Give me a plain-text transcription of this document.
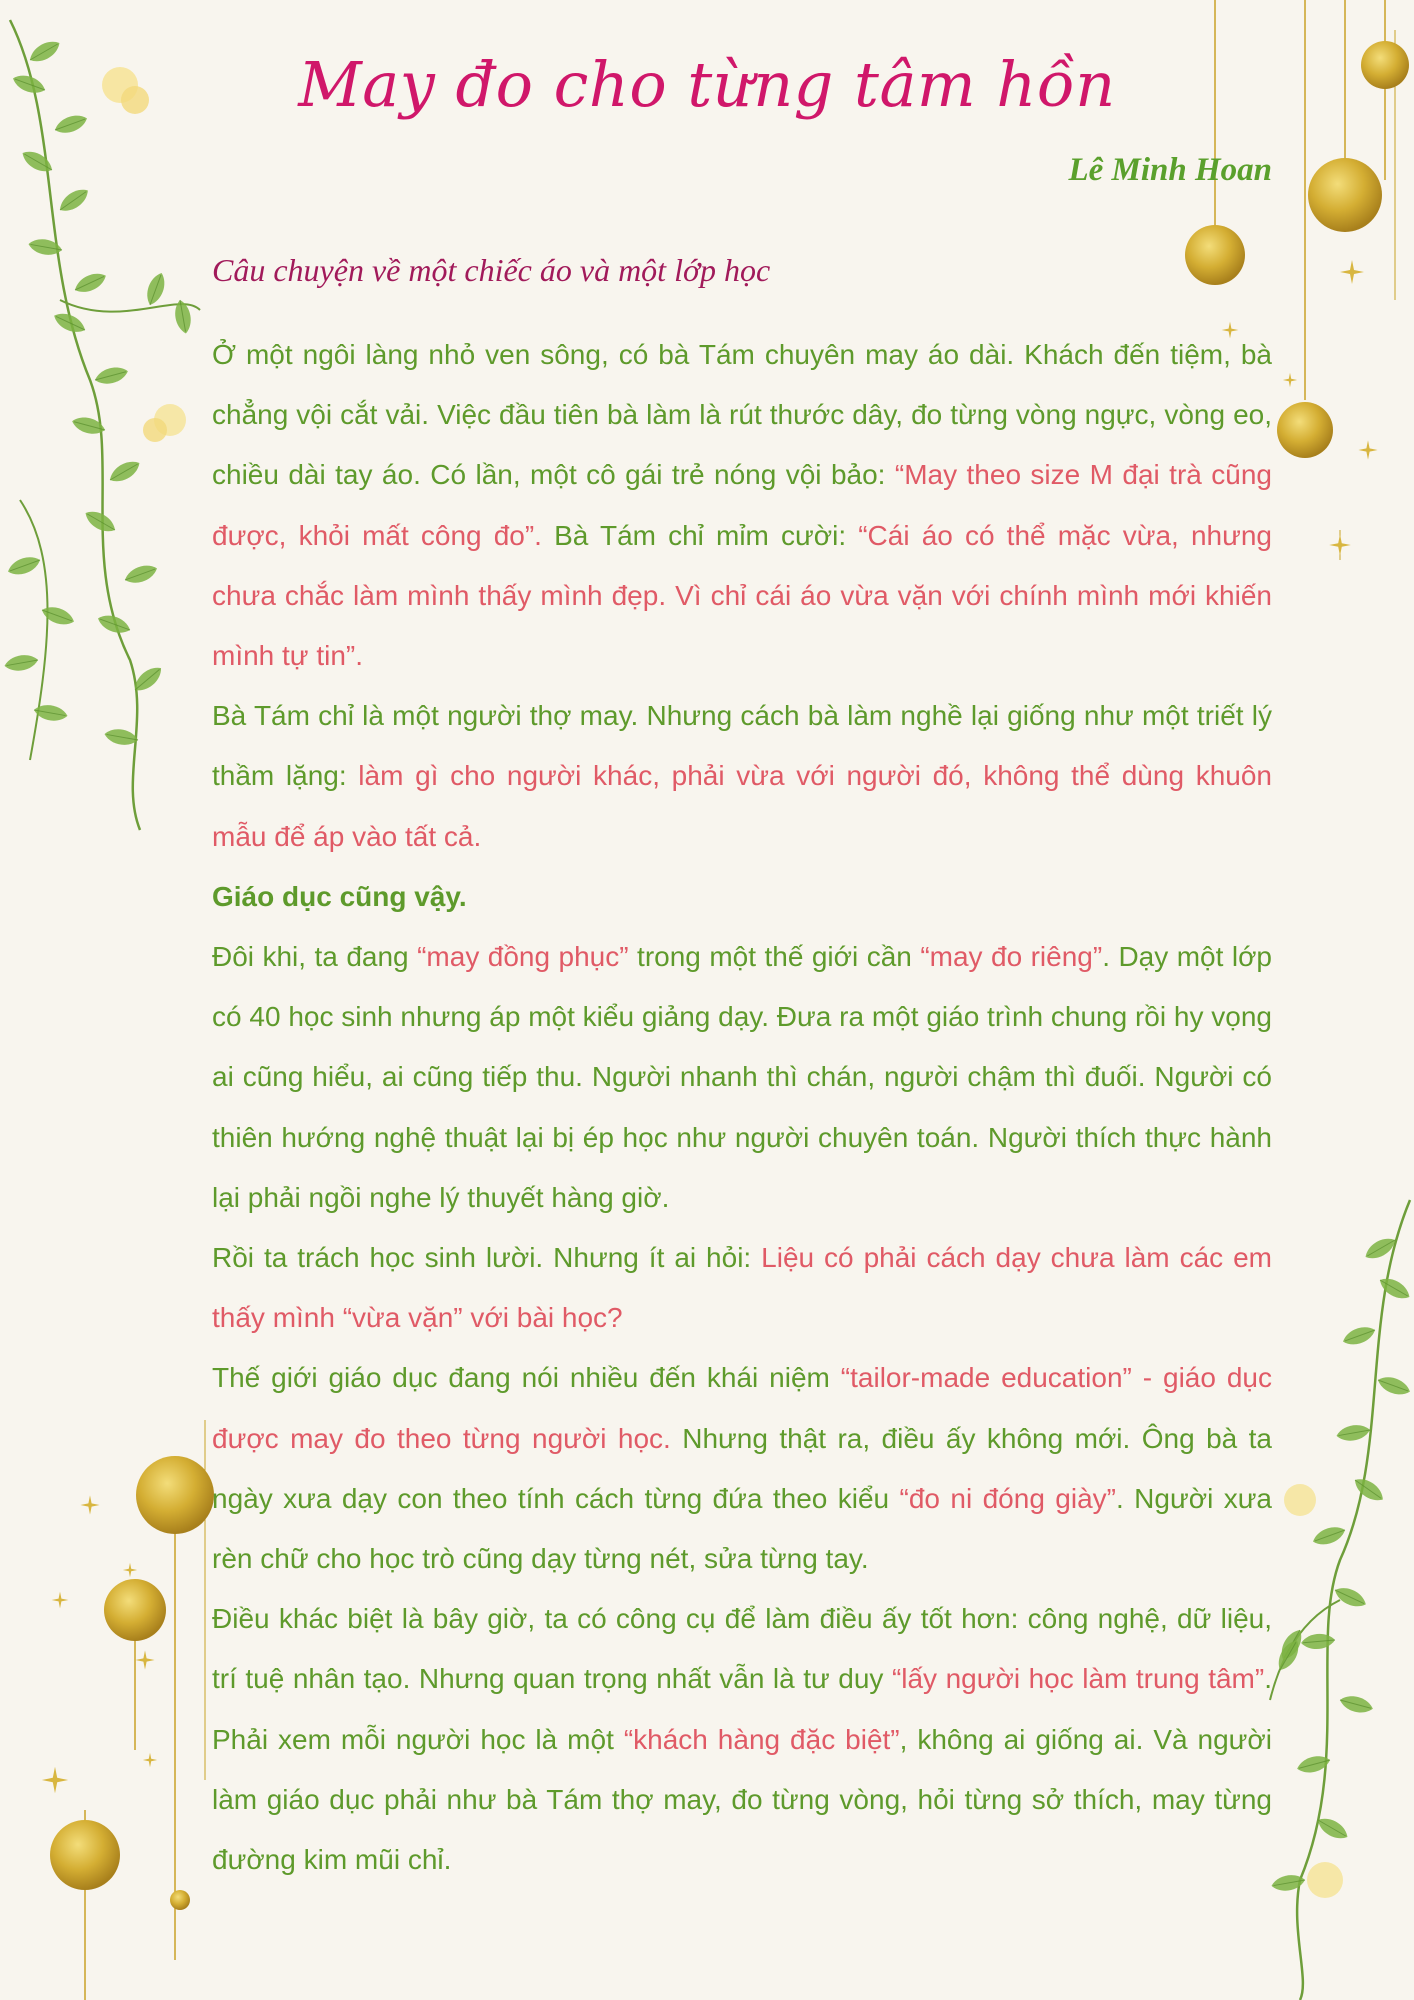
May đo cho từng tâm hồn
Lê Minh Hoan
Câu chuyện về một chiếc áo và một lớp học

Ở một ngôi làng nhỏ ven sông, có bà Tám chuyên may áo dài. Khách đến tiệm, bà chẳng vội cắt vải. Việc đầu tiên bà làm là rút thước dây, đo từng vòng ngực, vòng eo, chiều dài tay áo. Có lần, một cô gái trẻ nóng vội bảo: “May theo size M đại trà cũng được, khỏi mất công đo”. Bà Tám chỉ mỉm cười: “Cái áo có thể mặc vừa, nhưng chưa chắc làm mình thấy mình đẹp. Vì chỉ cái áo vừa vặn với chính mình mới khiến mình tự tin”.

Bà Tám chỉ là một người thợ may. Nhưng cách bà làm nghề lại giống như một triết lý thầm lặng: làm gì cho người khác, phải vừa với người đó, không thể dùng khuôn mẫu để áp vào tất cả.

Giáo dục cũng vậy.

Đôi khi, ta đang “may đồng phục” trong một thế giới cần “may đo riêng”. Dạy một lớp có 40 học sinh nhưng áp một kiểu giảng dạy. Đưa ra một giáo trình chung rồi hy vọng ai cũng hiểu, ai cũng tiếp thu. Người nhanh thì chán, người chậm thì đuối. Người có thiên hướng nghệ thuật lại bị ép học như người chuyên toán. Người thích thực hành lại phải ngồi nghe lý thuyết hàng giờ.

Rồi ta trách học sinh lười. Nhưng ít ai hỏi: Liệu có phải cách dạy chưa làm các em thấy mình “vừa vặn” với bài học?

Thế giới giáo dục đang nói nhiều đến khái niệm “tailor-made education” - giáo dục được may đo theo từng người học. Nhưng thật ra, điều ấy không mới. Ông bà ta ngày xưa dạy con theo tính cách từng đứa theo kiểu “đo ni đóng giày”. Người xưa rèn chữ cho học trò cũng dạy từng nét, sửa từng tay.

Điều khác biệt là bây giờ, ta có công cụ để làm điều ấy tốt hơn: công nghệ, dữ liệu, trí tuệ nhân tạo. Nhưng quan trọng nhất vẫn là tư duy “lấy người học làm trung tâm”. Phải xem mỗi người học là một “khách hàng đặc biệt”, không ai giống ai. Và người làm giáo dục phải như bà Tám thợ may, đo từng vòng, hỏi từng sở thích, may từng đường kim mũi chỉ.
